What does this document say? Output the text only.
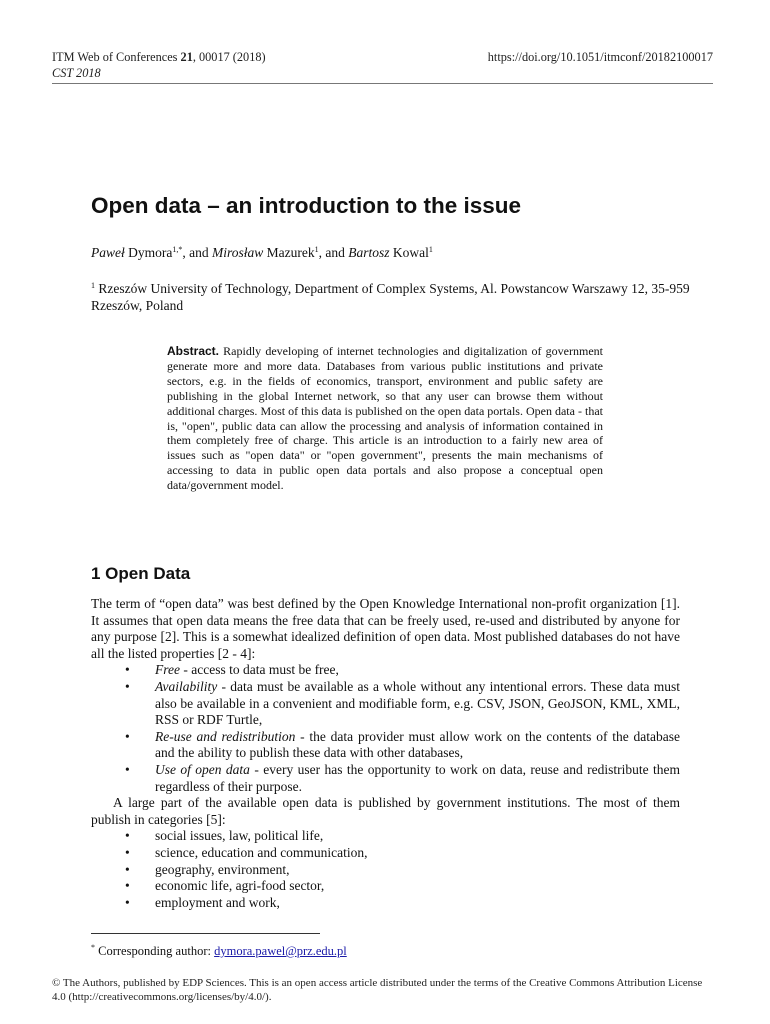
ITM Web of Conferences 21, 00017 (2018)
CST 2018
https://doi.org/10.1051/itmconf/20182100017
Open data – an introduction to the issue
Paweł Dymora$^{1,*}$, and Mirosław Mazurek$^1$, and Bartosz Kowal$^1$
$^1$ Rzeszów University of Technology, Department of Complex Systems, Al. Powstancow Warszawy 12, 35-959 Rzeszów, Poland
Abstract. Rapidly developing of internet technologies and digitalization of government generate more and more data. Databases from various public institutions and private sectors, e.g. in the fields of economics, transport, environment and public safety are publishing in the global Internet network, so that any user can browse them without additional charges. Most of this data is published on the open data portals. Open data - that is, "open", public data can allow the processing and analysis of information contained in them completely free of charge. This article is an introduction to a fairly new area of issues such as "open data" or "open government", presents the main mechanisms of accessing to data in public open data portals and also propose a conceptual open data/government model.
1 Open Data

The term of “open data” was best defined by the Open Knowledge International non-profit organization [1]. It assumes that open data means the free data that can be freely used, re-used and distributed by anyone for any purpose [2]. This is a somewhat idealized definition of open data. Most published databases do not have all the listed properties [2 - 4]:

• Free - access to data must be free,
• Availability - data must be available as a whole without any intentional errors. These data must also be available in a convenient and modifiable form, e.g. CSV, JSON, GeoJSON, KML, XML, RSS or RDF Turtle,
• Re-use and redistribution - the data provider must allow work on the contents of the database and the ability to publish these data with other databases,
• Use of open data - every user has the opportunity to work on data, reuse and redistribute them regardless of their purpose.

A large part of the available open data is published by government institutions. The most of them publish in categories [5]:

• social issues, law, political life,
• science, education and communication,
• geography, environment,
• economic life, agri-food sector,
• employment and work,
* Corresponding author: dymora.pawel@prz.edu.pl
© The Authors, published by EDP Sciences. This is an open access article distributed under the terms of the Creative Commons Attribution License 4.0 (http://creativecommons.org/licenses/by/4.0/).
